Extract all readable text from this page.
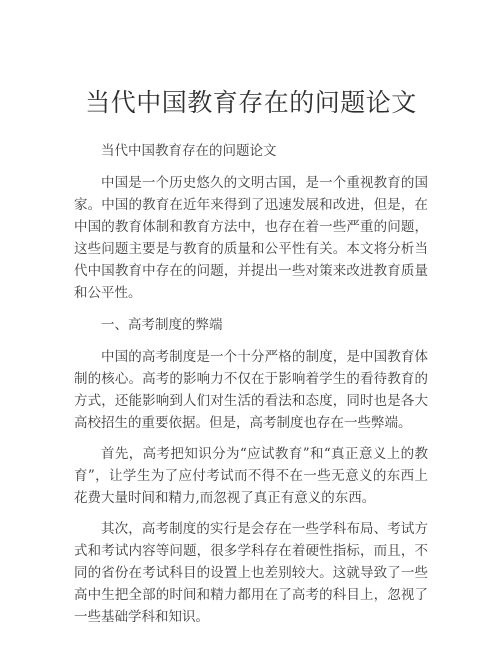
当代中国教育存在的问题论文

当代中国教育存在的问题论文

中国是一个历史悠久的文明古国，是一个重视教育的国家。中国的教育在近年来得到了迅速发展和改进，但是，在中国的教育体制和教育方法中，也存在着一些严重的问题，这些问题主要是与教育的质量和公平性有关。本文将分析当代中国教育中存在的问题，并提出一些对策来改进教育质量和公平性。

一、高考制度的弊端

中国的高考制度是一个十分严格的制度，是中国教育体制的核心。高考的影响力不仅在于影响着学生的看待教育的方式，还能影响到人们对生活的看法和态度，同时也是各大高校招生的重要依据。但是，高考制度也存在一些弊端。

首先，高考把知识分为“应试教育”和“真正意义上的教育”，让学生为了应付考试而不得不在一些无意义的东西上花费大量时间和精力,而忽视了真正有意义的东西。

其次，高考制度的实行是会存在一些学科布局、考试方式和考试内容等问题，很多学科存在着硬性指标，而且，不同的省份在考试科目的设置上也差别较大。这就导致了一些高中生把全部的时间和精力都用在了高考的科目上，忽视了一些基础学科和知识。
